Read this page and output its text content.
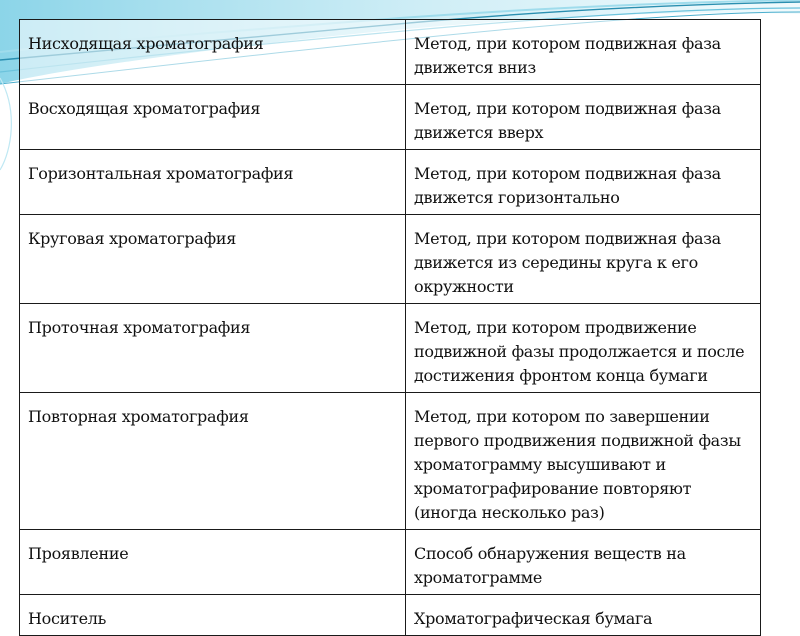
Нисходящая хроматография	Метод, при котором подвижная фаза движется вниз
Восходящая хроматография	Метод, при котором подвижная фаза движется вверх
Горизонтальная хроматография	Метод, при котором подвижная фаза движется горизонтально
Круговая хроматография	Метод, при котором подвижная фаза движется из середины круга к его окружности
Проточная хроматография	Метод, при котором продвижение подвижной фазы продолжается и после достижения фронтом конца бумаги
Повторная хроматография	Метод, при котором по завершении первого продвижения подвижной фазы хроматограмму высушивают и хроматографирование повторяют (иногда несколько раз)
Проявление	Способ обнаружения веществ на хроматограмме
Носитель	Хроматографическая бумага
